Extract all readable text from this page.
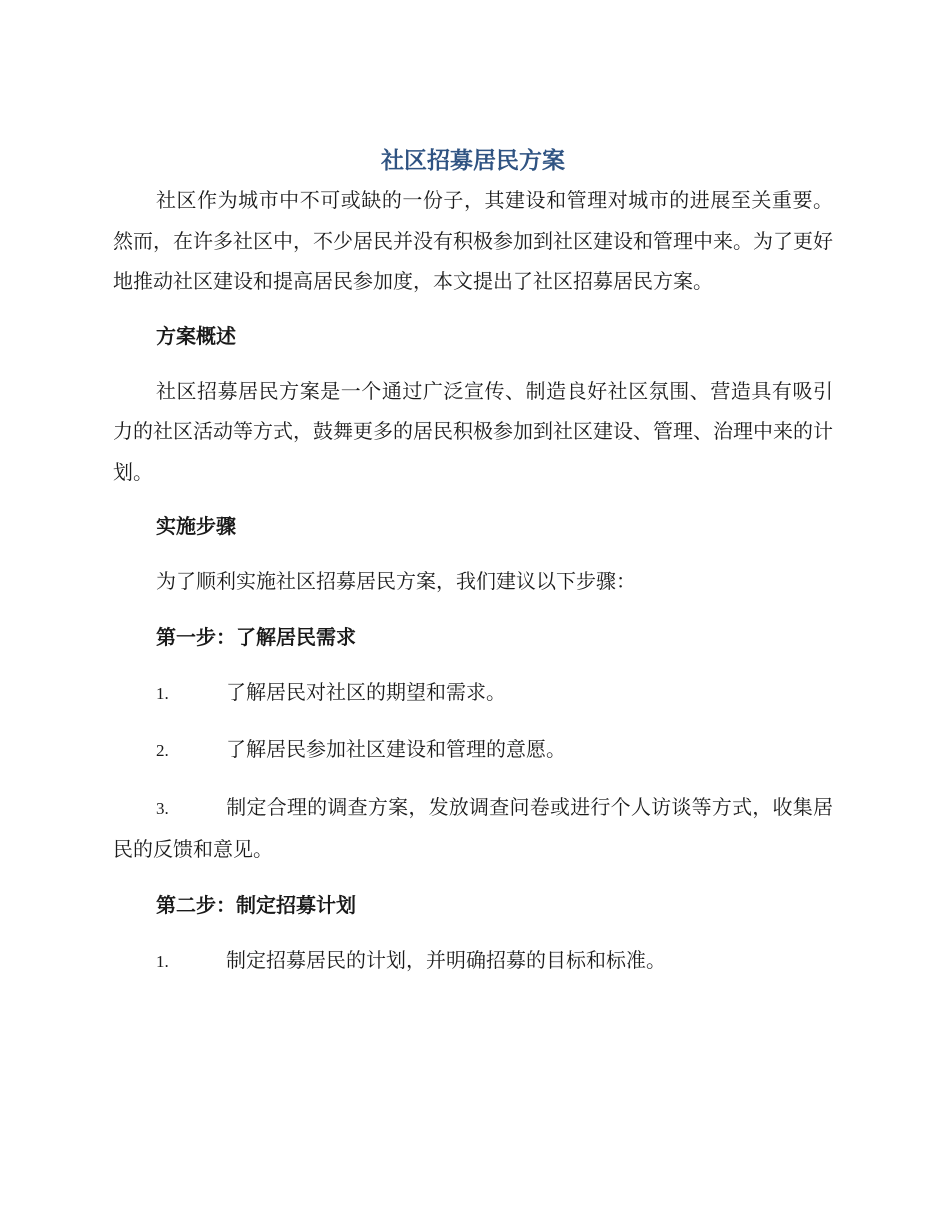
社区招募居民方案

社区作为城市中不可或缺的一份子，其建设和管理对城市的进展至关重要。然而，在许多社区中，不少居民并没有积极参加到社区建设和管理中来。为了更好地推动社区建设和提高居民参加度，本文提出了社区招募居民方案。

方案概述

社区招募居民方案是一个通过广泛宣传、制造良好社区氛围、营造具有吸引力的社区活动等方式，鼓舞更多的居民积极参加到社区建设、管理、治理中来的计划。

实施步骤

为了顺利实施社区招募居民方案，我们建议以下步骤：

第一步：了解居民需求

1.	了解居民对社区的期望和需求。

2.	了解居民参加社区建设和管理的意愿。

3.	制定合理的调查方案，发放调查问卷或进行个人访谈等方式，收集居民的反馈和意见。

第二步：制定招募计划

1.	制定招募居民的计划，并明确招募的目标和标准。
